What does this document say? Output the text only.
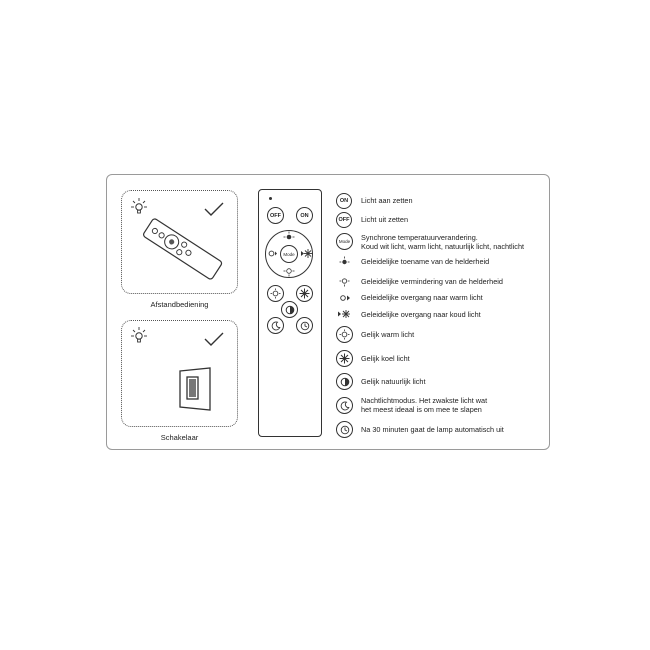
Afstandbediening
Schakelaar
OFF	ON
Mode
ON	Licht aan zetten
OFF	Licht uit zetten
Mode	Synchrone temperatuurverandering.
Koud wit licht, warm licht, natuurlijk licht, nachtlicht
Geleidelijke toename van de helderheid
Geleidelijke vermindering van de helderheid
Geleidelijke overgang naar warm licht
Geleidelijke overgang naar koud licht
Gelijk warm licht
Gelijk koel licht
Gelijk natuurlijk licht
Nachtlichtmodus. Het zwakste licht wat
het meest ideaal is om mee te slapen
Na 30 minuten gaat de lamp automatisch uit
